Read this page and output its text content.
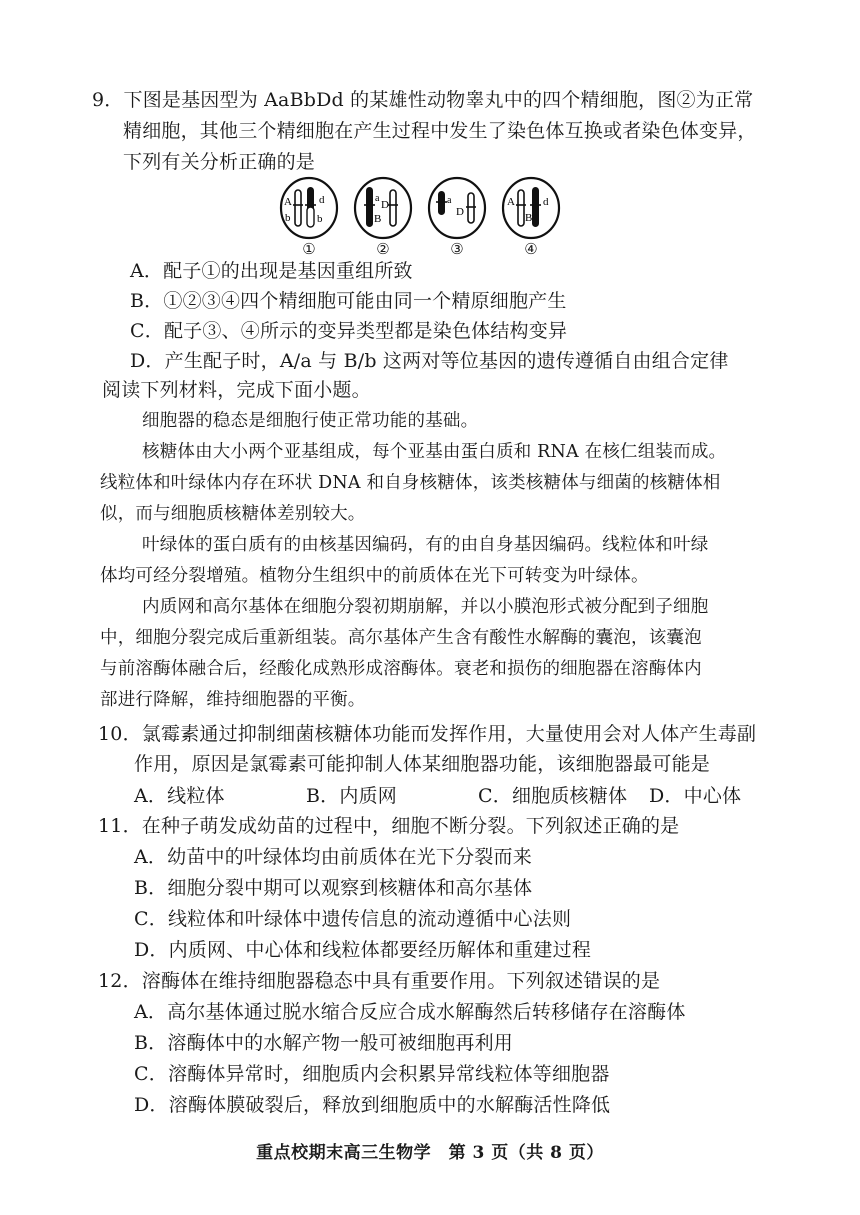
9．下图是基因型为 AaBbDd 的某雄性动物睾丸中的四个精细胞，图②为正常
精细胞，其他三个精细胞在产生过程中发生了染色体互换或者染色体变异，
下列有关分析正确的是
A
b
d
b
①
a
D
B
②
a
D
③
A
B
d
④
A．配子①的出现是基因重组所致
B．①②③④四个精细胞可能由同一个精原细胞产生
C．配子③、④所示的变异类型都是染色体结构变异
D．产生配子时，A/a 与 B/b 这两对等位基因的遗传遵循自由组合定律
阅读下列材料，完成下面小题。
细胞器的稳态是细胞行使正常功能的基础。
核糖体由大小两个亚基组成，每个亚基由蛋白质和 RNA 在核仁组装而成。
线粒体和叶绿体内存在环状 DNA 和自身核糖体，该类核糖体与细菌的核糖体相
似，而与细胞质核糖体差别较大。
叶绿体的蛋白质有的由核基因编码，有的由自身基因编码。线粒体和叶绿
体均可经分裂增殖。植物分生组织中的前质体在光下可转变为叶绿体。
内质网和高尔基体在细胞分裂初期崩解，并以小膜泡形式被分配到子细胞
中，细胞分裂完成后重新组装。高尔基体产生含有酸性水解酶的囊泡，该囊泡
与前溶酶体融合后，经酸化成熟形成溶酶体。衰老和损伤的细胞器在溶酶体内
部进行降解，维持细胞器的平衡。
10．氯霉素通过抑制细菌核糖体功能而发挥作用，大量使用会对人体产生毒副
作用，原因是氯霉素可能抑制人体某细胞器功能，该细胞器最可能是
A．线粒体	B．内质网	C．细胞质核糖体 D．中心体
11．在种子萌发成幼苗的过程中，细胞不断分裂。下列叙述正确的是
A．幼苗中的叶绿体均由前质体在光下分裂而来
B．细胞分裂中期可以观察到核糖体和高尔基体
C．线粒体和叶绿体中遗传信息的流动遵循中心法则
D．内质网、中心体和线粒体都要经历解体和重建过程
12．溶酶体在维持细胞器稳态中具有重要作用。下列叙述错误的是
A．高尔基体通过脱水缩合反应合成水解酶然后转移储存在溶酶体
B．溶酶体中的水解产物一般可被细胞再利用
C．溶酶体异常时，细胞质内会积累异常线粒体等细胞器
D．溶酶体膜破裂后，释放到细胞质中的水解酶活性降低
重点校期末高三生物学　第 3 页（共 8 页）
